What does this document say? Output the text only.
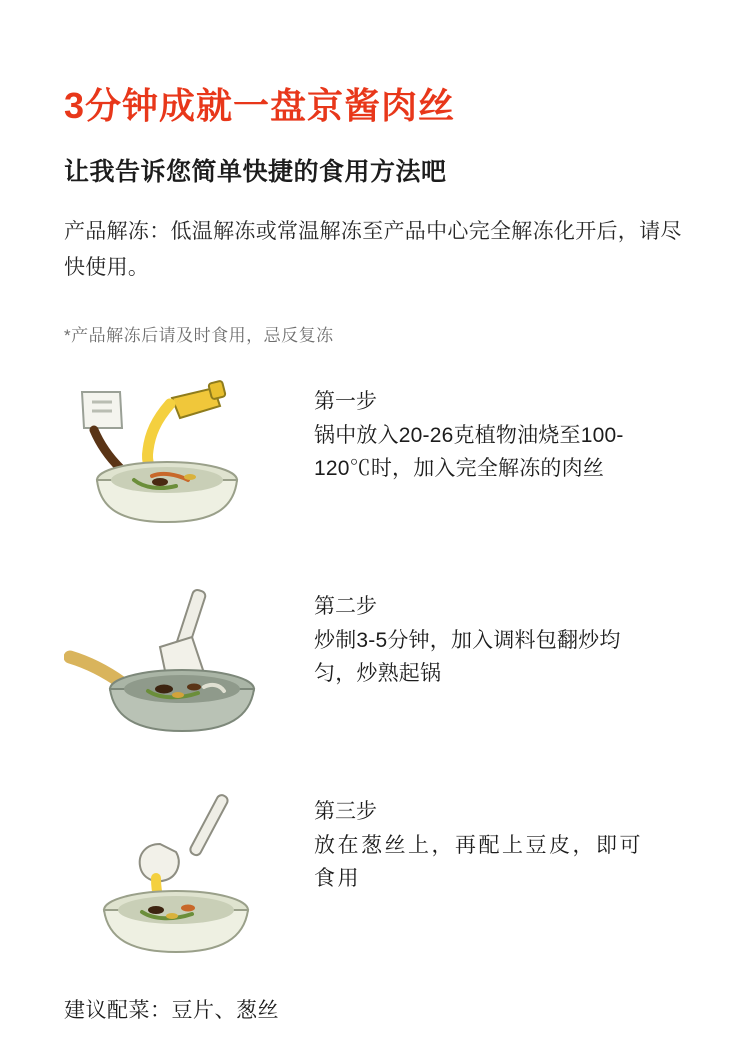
3分钟成就一盘京酱肉丝
让我告诉您简单快捷的食用方法吧

产品解冻：低温解冻或常温解冻至产品中心完全解冻化开后，请尽快使用。

*产品解冻后请及时食用，忌反复冻

第一步

锅中放入20-26克植物油烧至100-120℃时，加入完全解冻的肉丝

第二步

炒制3-5分钟，加入调料包翻炒均匀，炒熟起锅

第三步

放在葱丝上，再配上豆皮，即可食用

建议配菜：豆片、葱丝
